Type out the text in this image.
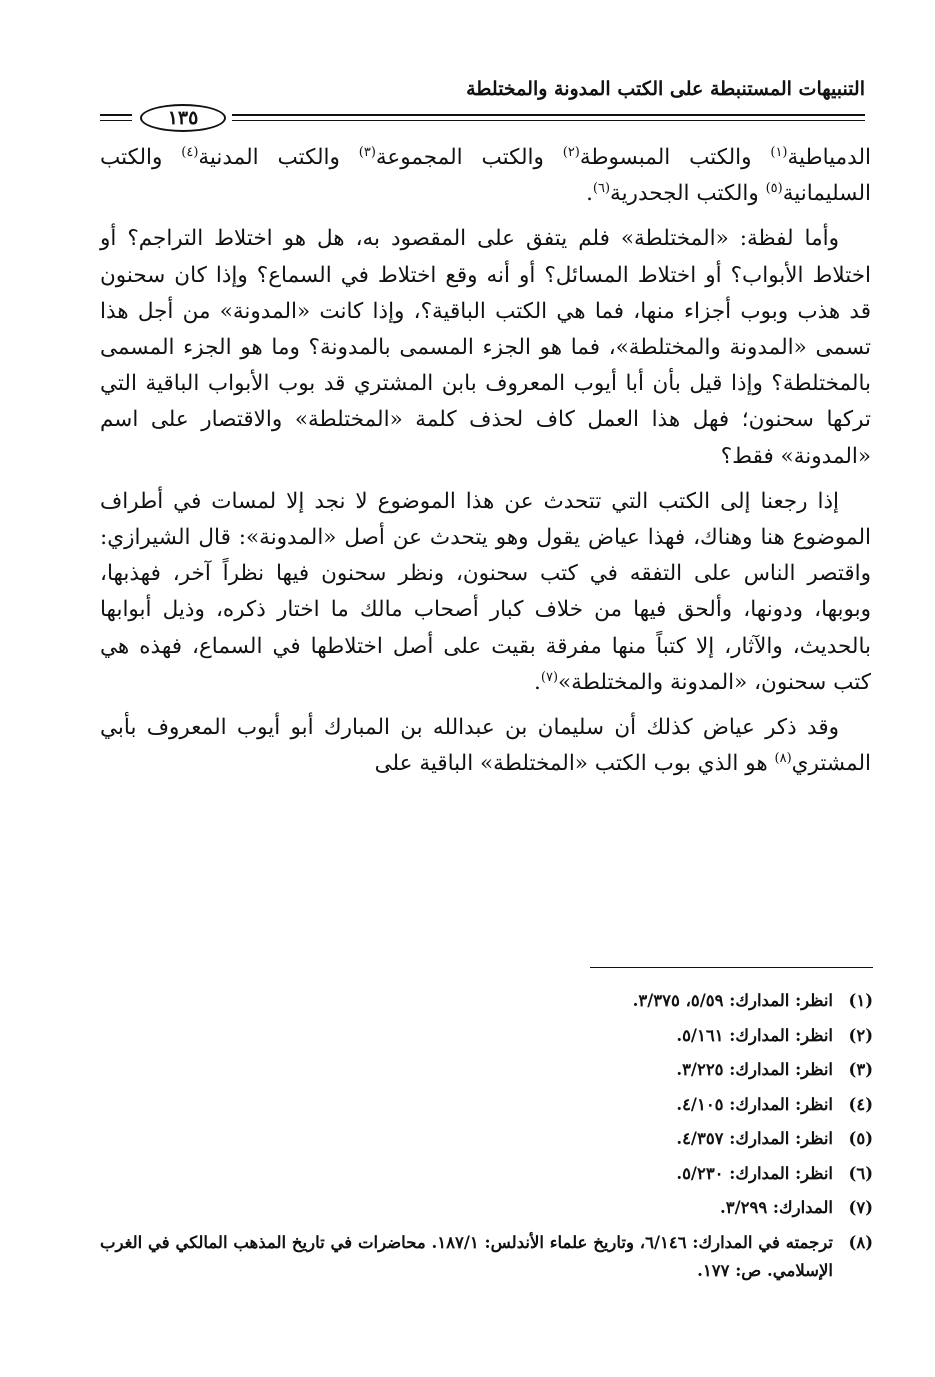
التنبيهات المستنبطة على الكتب المدونة والمختلطة
١٣٥

الدمياطية$^{(١)}$ والكتب المبسوطة$^{(٢)}$ والكتب المجموعة$^{(٣)}$ والكتب المدنية$^{(٤)}$ والكتب السليمانية$^{(٥)}$ والكتب الجحدرية$^{(٦)}$.

وأما لفظة: «المختلطة» فلم يتفق على المقصود به، هل هو اختلاط التراجم؟ أو اختلاط الأبواب؟ أو اختلاط المسائل؟ أو أنه وقع اختلاط في السماع؟ وإذا كان سحنون قد هذب وبوب أجزاء منها، فما هي الكتب الباقية؟، وإذا كانت «المدونة» من أجل هذا تسمى «المدونة والمختلطة»، فما هو الجزء المسمى بالمدونة؟ وما هو الجزء المسمى بالمختلطة؟ وإذا قيل بأن أبا أيوب المعروف بابن المشتري قد بوب الأبواب الباقية التي تركها سحنون؛ فهل هذا العمل كاف لحذف كلمة «المختلطة» والاقتصار على اسم «المدونة» فقط؟

إذا رجعنا إلى الكتب التي تتحدث عن هذا الموضوع لا نجد إلا لمسات في أطراف الموضوع هنا وهناك، فهذا عياض يقول وهو يتحدث عن أصل «المدونة»: قال الشيرازي: واقتصر الناس على التفقه في كتب سحنون، ونظر سحنون فيها نظراً آخر، فهذبها، وبوبها، ودونها، وألحق فيها من خلاف كبار أصحاب مالك ما اختار ذكره، وذيل أبوابها بالحديث، والآثار، إلا كتباً منها مفرقة بقيت على أصل اختلاطها في السماع، فهذه هي كتب سحنون، «المدونة والمختلطة»$^{(٧)}$.

وقد ذكر عياض كذلك أن سليمان بن عبدالله بن المبارك أبو أيوب المعروف بأبي المشتري$^{(٨)}$ هو الذي بوب الكتب «المختلطة» الباقية على

(١)
انظر: المدارك: ٥/٥٩، ٣/٣٧٥.
(٢)
انظر: المدارك: ٥/١٦١.
(٣)
انظر: المدارك: ٣/٢٢٥.
(٤)
انظر: المدارك: ٤/١٠٥.
(٥)
انظر: المدارك: ٤/٣٥٧.
(٦)
انظر: المدارك: ٥/٢٣٠.
(٧)
المدارك: ٣/٢٩٩.
(٨)
ترجمته في المدارك: ٦/١٤٦، وتاريخ علماء الأندلس: ١٨٧/١. محاضرات في تاريخ المذهب المالكي في الغرب الإسلامي. ص: ١٧٧.
